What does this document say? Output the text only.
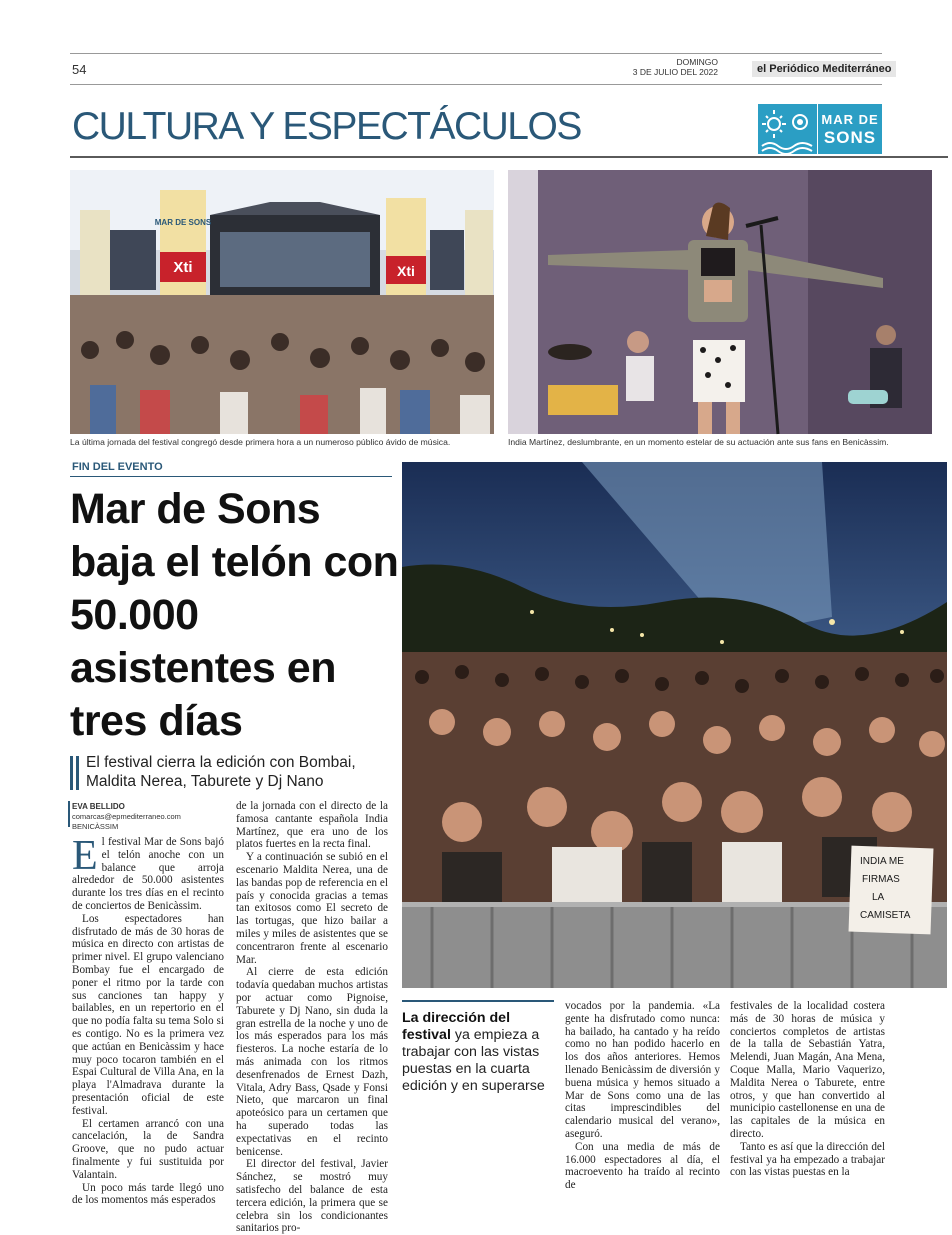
54	DOMINGO
3 DE JULIO DEL 2022	el Periódico Mediterráneo
CULTURA Y ESPECTÁCULOS	MAR DE
SONS
MAR DE SONS
Xti	Xti
La última jornada del festival congregó desde primera hora a un numeroso público ávido de música.	India Martínez, deslumbrante, en un momento estelar de su actuación ante sus fans en Benicàssim.
FIN DEL EVENTO
Mar de Sons baja el telón con 50.000 asistentes en tres días
El festival cierra la edición con Bombai, Maldita Nerea, Taburete y Dj Nano
EVA BELLIDO
comarcas@epmediterraneo.com
BENICÀSSIM
INDIA ME FIRMAS LA CAMISETA

El festival Mar de Sons bajó el telón anoche con un balance que arroja alrededor de 50.000 asistentes durante los tres días en el recinto de conciertos de Benicàssim.

Los espectadores han disfrutado de más de 30 horas de música en directo con artistas de primer nivel. El grupo valenciano Bombay fue el encargado de poner el ritmo por la tarde con sus canciones tan happy y bailables, en un repertorio en el que no podía falta su tema Solo si es contigo. No es la primera vez que actúan en Benicàssim y hace muy poco tocaron también en el Espai Cultural de Villa Ana, en la playa l'Almadrava durante la presentación oficial de este festival.

El certamen arrancó con una cancelación, la de Sandra Groove, que no pudo actuar finalmente y fui sustituida por Valantain.

Un poco más tarde llegó uno de los momentos más esperados

de la jornada con el directo de la famosa cantante española India Martínez, que era uno de los platos fuertes en la recta final.

Y a continuación se subió en el escenario Maldita Nerea, una de las bandas pop de referencia en el país y conocida gracias a temas tan exitosos como El secreto de las tortugas, que hizo bailar a miles y miles de asistentes que se concentraron frente al escenario Mar.

Al cierre de esta edición todavía quedaban muchos artistas por actuar como Pignoise, Taburete y Dj Nano, sin duda la gran estrella de la noche y uno de los más esperados para los más fiesteros. La noche estaría de lo más animada con los ritmos desenfrenados de Ernest Dazh, Vitala, Adry Bass, Qsade y Fonsi Nieto, que marcaron un final apoteósico para un certamen que ha superado todas las expectativas en el recinto benicense.

El director del festival, Javier Sánchez, se mostró muy satisfecho del balance de esta tercera edición, la primera que se celebra sin los condicionantes sanitarios pro-

La dirección del festival ya empieza a trabajar con las vistas puestas en la cuarta edición y en superarse

vocados por la pandemia. «La gente ha disfrutado como nunca: ha bailado, ha cantado y ha reído como no han podido hacerlo en los dos años anteriores. Hemos llenado Benicàssim de diversión y buena música y hemos situado a Mar de Sons como una de las citas imprescindibles del calendario musical del verano», aseguró.

Con una media de más de 16.000 espectadores al día, el macroevento ha traído al recinto de

festivales de la localidad costera más de 30 horas de música y conciertos completos de artistas de la talla de Sebastián Yatra, Melendi, Juan Magán, Ana Mena, Coque Malla, Mario Vaquerizo, Maldita Nerea o Taburete, entre otros, y que han convertido al municipio castellonense en una de las capitales de la música en directo.

Tanto es así que la dirección del festival ya ha empezado a trabajar con las vistas puestas en la
